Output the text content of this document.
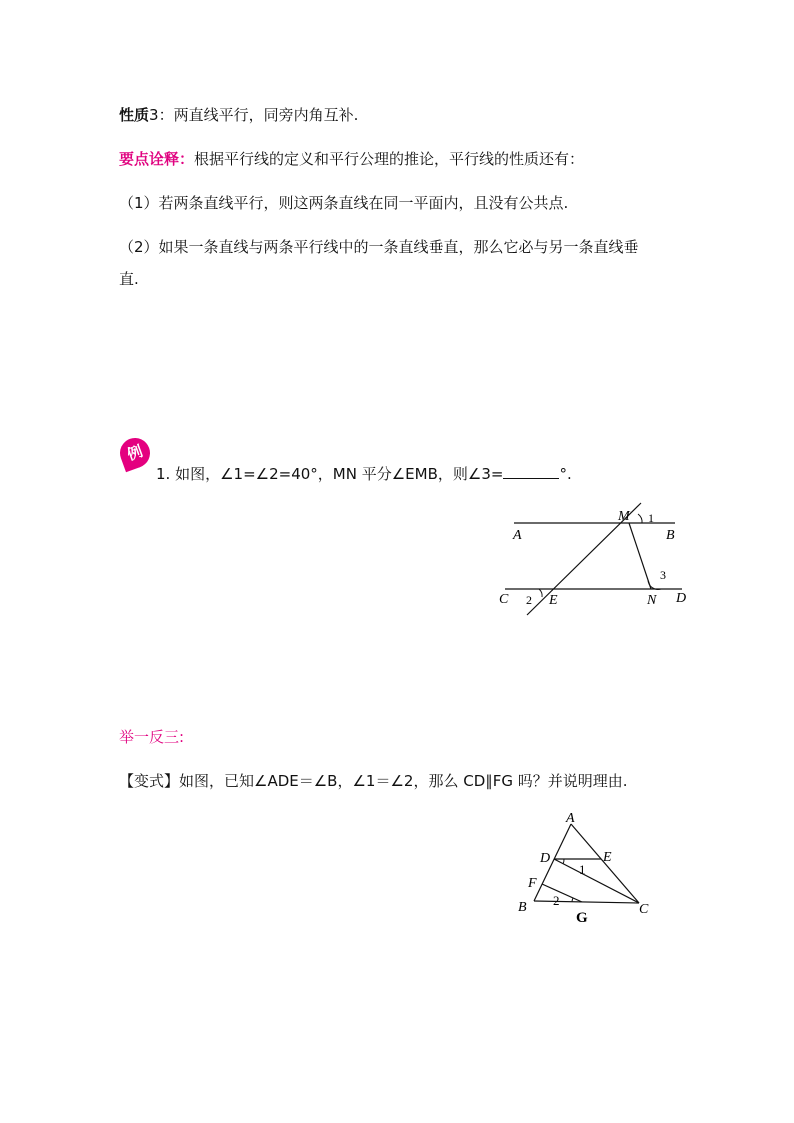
性质3：两直线平行，同旁内角互补.
要点诠释：根据平行线的定义和平行公理的推论，平行线的性质还有：
（1）若两条直线平行，则这两条直线在同一平面内，且没有公共点.
（2）如果一条直线与两条平行线中的一条直线垂直，那么它必与另一条直线垂
直.
例
1. 如图，∠1=∠2=40°，MN 平分∠EMB，则∠3=	°.
M 1
A	B
3
C 2 E	N D
举一反三:
【变式】如图，已知∠ADE＝∠B，∠1＝∠2，那么 CD∥FG 吗？并说明理由.
A
D	E
1
F
B 2
C
G
